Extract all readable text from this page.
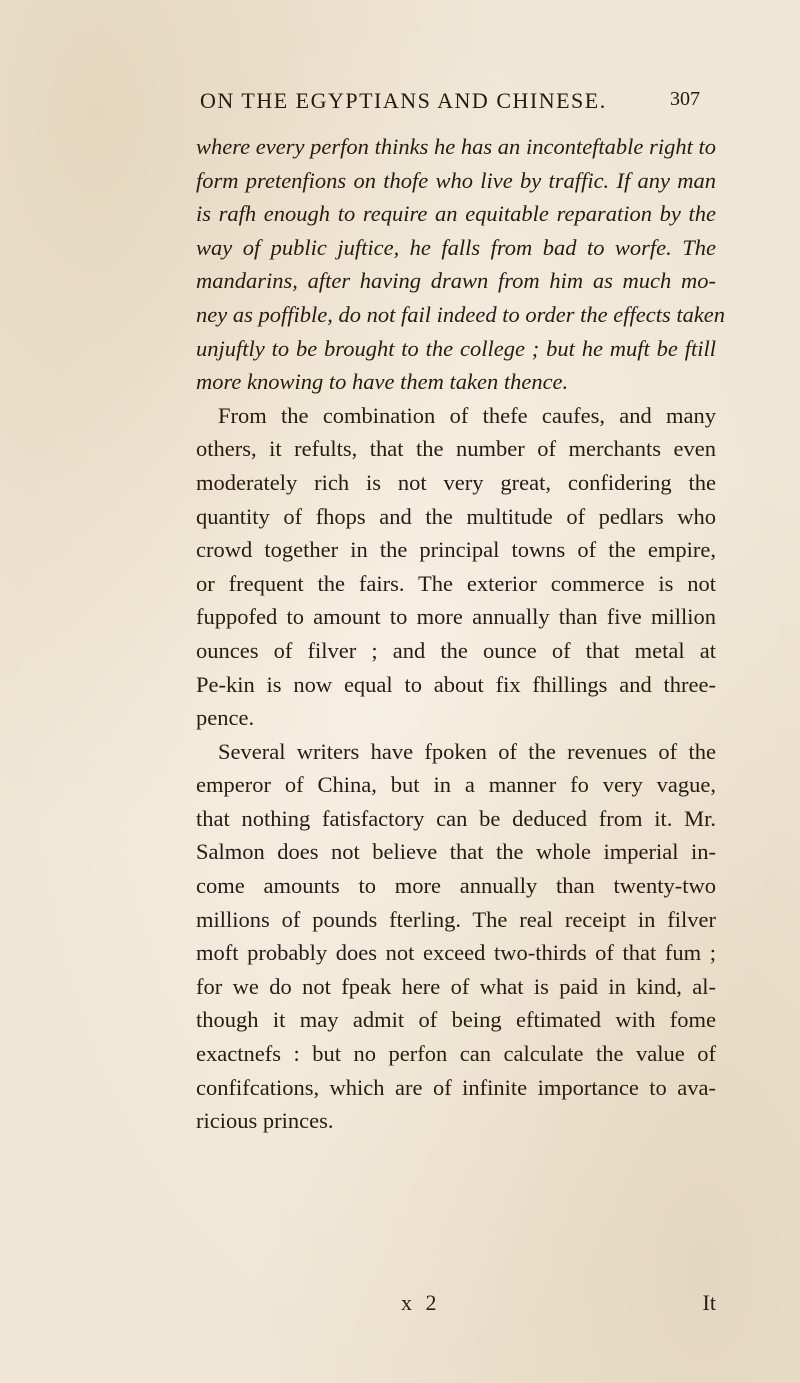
ON THE EGYPTIANS AND CHINESE.	307
where every perfon thinks he has an inconteftable right to
form pretenfions on thofe who live by traffic. If any man
is rafh enough to require an equitable reparation by the
way of public juftice, he falls from bad to worfe. The
mandarins, after having drawn from him as much mo-
ney as poffible, do not fail indeed to order the effects taken
unjuftly to be brought to the college ; but he muft be ftill
more knowing to have them taken thence.
From the combination of thefe caufes, and many
others, it refults, that the number of merchants even
moderately rich is not very great, confidering the
quantity of fhops and the multitude of pedlars who
crowd together in the principal towns of the empire,
or frequent the fairs. The exterior commerce is not
fuppofed to amount to more annually than five million
ounces of filver ; and the ounce of that metal at
Pe-kin is now equal to about fix fhillings and three-
pence.
Several writers have fpoken of the revenues of the
emperor of China, but in a manner fo very vague,
that nothing fatisfactory can be deduced from it. Mr.
Salmon does not believe that the whole imperial in-
come amounts to more annually than twenty-two
millions of pounds fterling. The real receipt in filver
moft probably does not exceed two-thirds of that fum ;
for we do not fpeak here of what is paid in kind, al-
though it may admit of being eftimated with fome
exactnefs : but no perfon can calculate the value of
confifcations, which are of infinite importance to ava-
ricious princes.
x 2	It
